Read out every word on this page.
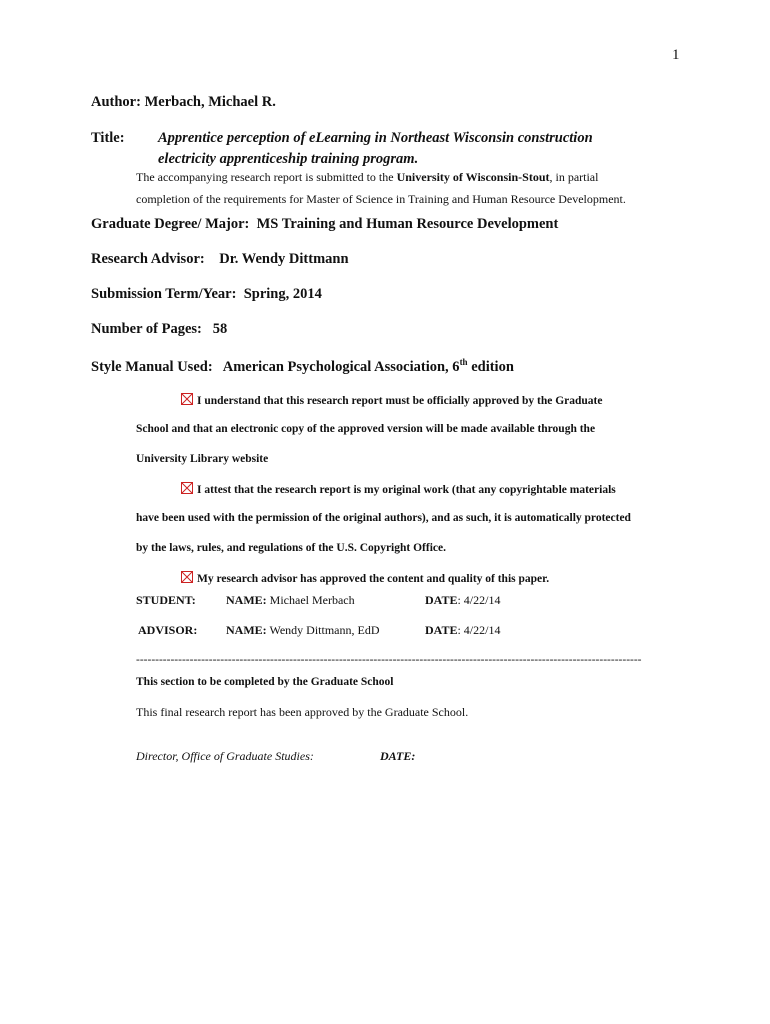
1
Author: Merbach, Michael R.
Title: Apprentice perception of eLearning in Northeast Wisconsin construction
electricity apprenticeship training program.
The accompanying research report is submitted to the University of Wisconsin-Stout, in partial
completion of the requirements for Master of Science in Training and Human Resource Development.
Graduate Degree/ Major: MS Training and Human Resource Development
Research Advisor: Dr. Wendy Dittmann
Submission Term/Year: Spring, 2014
Number of Pages: 58
Style Manual Used: American Psychological Association, 6th edition
I understand that this research report must be officially approved by the Graduate
School and that an electronic copy of the approved version will be made available through the
University Library website
I attest that the research report is my original work (that any copyrightable materials
have been used with the permission of the original authors), and as such, it is automatically protected
by the laws, rules, and regulations of the U.S. Copyright Office.
My research advisor has approved the content and quality of this paper.
STUDENT:	NAME: Michael Merbach	DATE: 4/22/14
ADVISOR: NAME: Wendy Dittmann, EdD	DATE: 4/22/14
------------------------------------------------------------------------------------------------------------------------------------
This section to be completed by the Graduate School
This final research report has been approved by the Graduate School.
Director, Office of Graduate Studies:	DATE:
